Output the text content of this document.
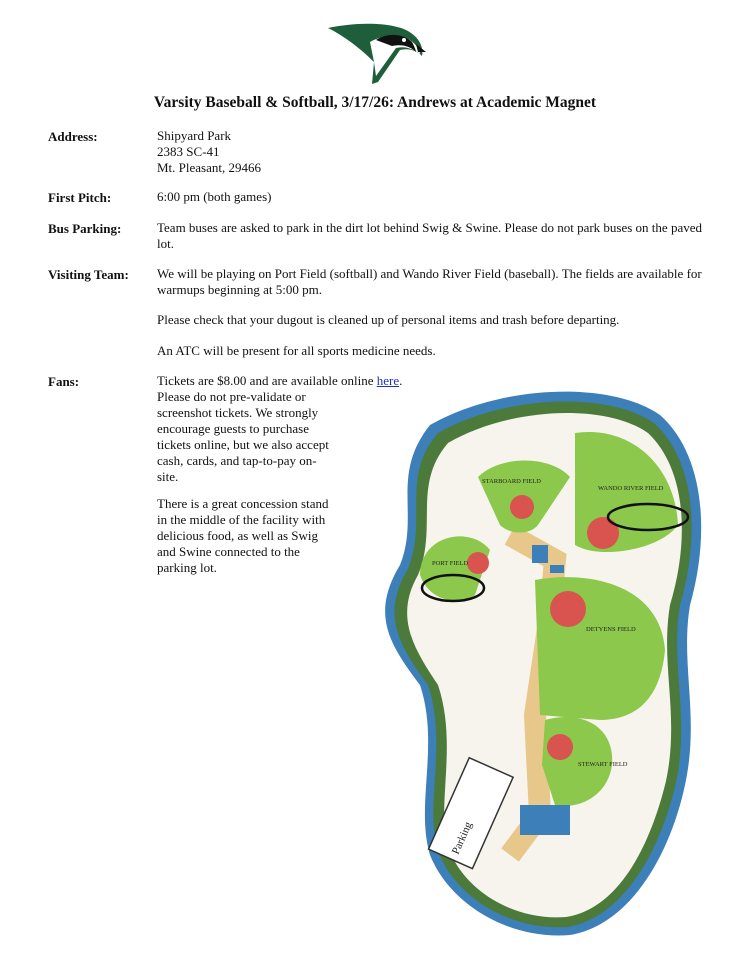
Varsity Baseball & Softball, 3/17/26: Andrews at Academic Magnet
Address:	Shipyard Park
2383 SC-41
Mt. Pleasant, 29466
First Pitch:	6:00 pm (both games)
Bus Parking:	Team buses are asked to park in the dirt lot behind Swig & Swine. Please do not park buses on the paved lot.
Visiting Team: We will be playing on Port Field (softball) and Wando River Field (baseball). The fields are available for warmups beginning at 5:00 pm.
Please check that your dugout is cleaned up of personal items and trash before departing.
An ATC will be present for all sports medicine needs.
Fans:	Tickets are $8.00 and are available online here.
Please do not pre-validate or screenshot tickets. We strongly encourage guests to purchase tickets online, but we also accept cash, cards, and tap-to-pay on-site.
There is a great concession stand in the middle of the facility with delicious food, as well as Swig and Swine connected to the parking lot.
Parking
STARBOARD FIELD
WANDO RIVER FIELD
PORT FIELD
DETYENS FIELD
STEWART FIELD
